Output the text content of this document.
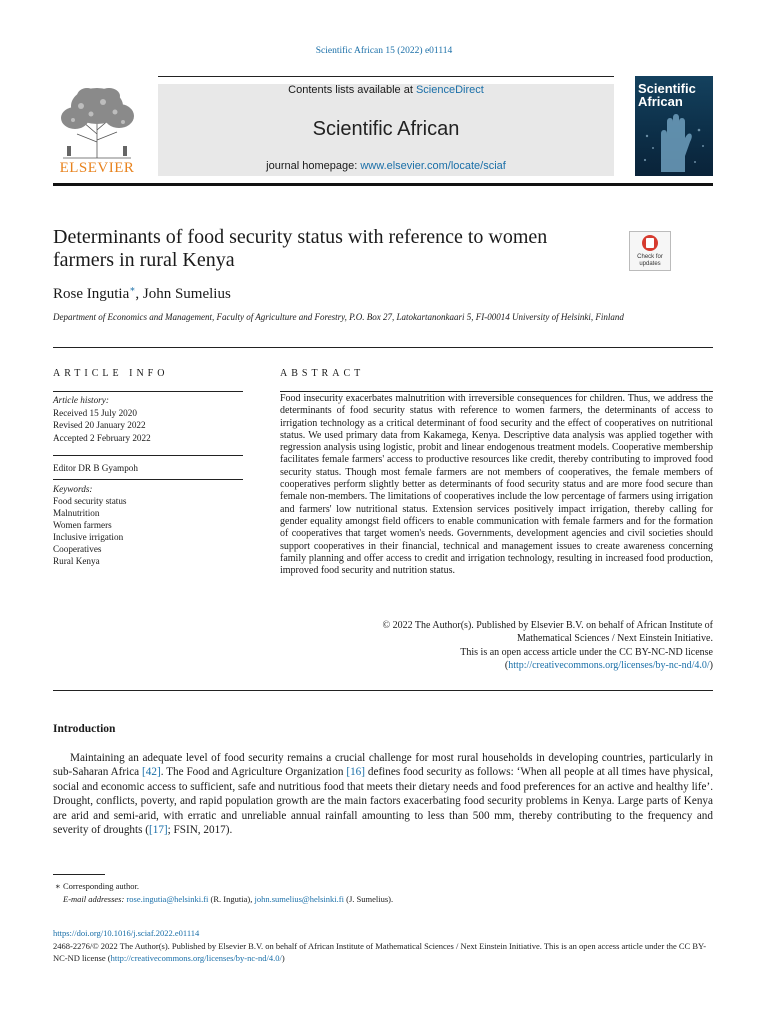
Scientific African 15 (2022) e01114
ELSEVIER
Contents lists available at ScienceDirect
Scientific African
journal homepage: www.elsevier.com/locate/sciaf
Scientific
African
Determinants of food security status with reference to women farmers in rural Kenya	Check for updates
Rose Ingutia∗, John Sumelius
Department of Economics and Management, Faculty of Agriculture and Forestry, P.O. Box 27, Latokartanonkaari 5, FI-00014 University of Helsinki, Finland
ARTICLE INFO	ABSTRACT
Article history:
Received 15 July 2020
Revised 20 January 2022
Accepted 2 February 2022
Editor DR B Gyampoh
Keywords:
Food security status
Malnutrition
Women farmers
Inclusive irrigation
Cooperatives
Rural Kenya
Food insecurity exacerbates malnutrition with irreversible consequences for children. Thus, we address the determinants of food security status with reference to women farmers, the determinants of access to irrigation technology as a critical determinant of food security and the effect of cooperatives on nutritional status. We used primary data from Kakamega, Kenya. Descriptive data analysis was applied together with regression analysis using logistic, probit and linear endogenous treatment models. Cooperative membership facilitates female farmers' access to productive resources like credit, thereby contributing to improved food security status. Though most female farmers are not members of cooperatives, the female members of cooperatives perform slightly better as determinants of food security status and are more food secure than female non-members. The limitations of cooperatives include the low percentage of farmers using irrigation and farmers' low nutritional status. Extension services positively impact irrigation, thereby calling for gender equality amongst field officers to enable communication with female farmers and for the formation of cooperatives that target women's needs. Governments, development agencies and civil societies should support cooperatives in their financial, technical and management issues to create awareness concerning family planning and offer access to credit and irrigation technology, resulting in increased food production, improved food security and nutrition status.
© 2022 The Author(s). Published by Elsevier B.V. on behalf of African Institute of
Mathematical Sciences / Next Einstein Initiative.
This is an open access article under the CC BY-NC-ND license
(http://creativecommons.org/licenses/by-nc-nd/4.0/)
Introduction
Maintaining an adequate level of food security remains a crucial challenge for most rural households in developing countries, particularly in sub-Saharan Africa [42]. The Food and Agriculture Organization [16] defines food security as follows: ‘When all people at all times have physical, social and economic access to sufficient, safe and nutritious food that meets their dietary needs and food preferences for an active and healthy life’. Drought, conflicts, poverty, and rapid population growth are the main factors exacerbating food security problems in Kenya. Large parts of Kenya are arid and semi-arid, with erratic and unreliable annual rainfall amounting to less than 500 mm, thereby contributing to the frequency and severity of droughts ([17]; FSIN, 2017).
∗ Corresponding author.
E-mail addresses: rose.ingutia@helsinki.fi (R. Ingutia), john.sumelius@helsinki.fi (J. Sumelius).
https://doi.org/10.1016/j.sciaf.2022.e01114
2468-2276/© 2022 The Author(s). Published by Elsevier B.V. on behalf of African Institute of Mathematical Sciences / Next Einstein Initiative. This is an open access article under the CC BY-NC-ND license (http://creativecommons.org/licenses/by-nc-nd/4.0/)
